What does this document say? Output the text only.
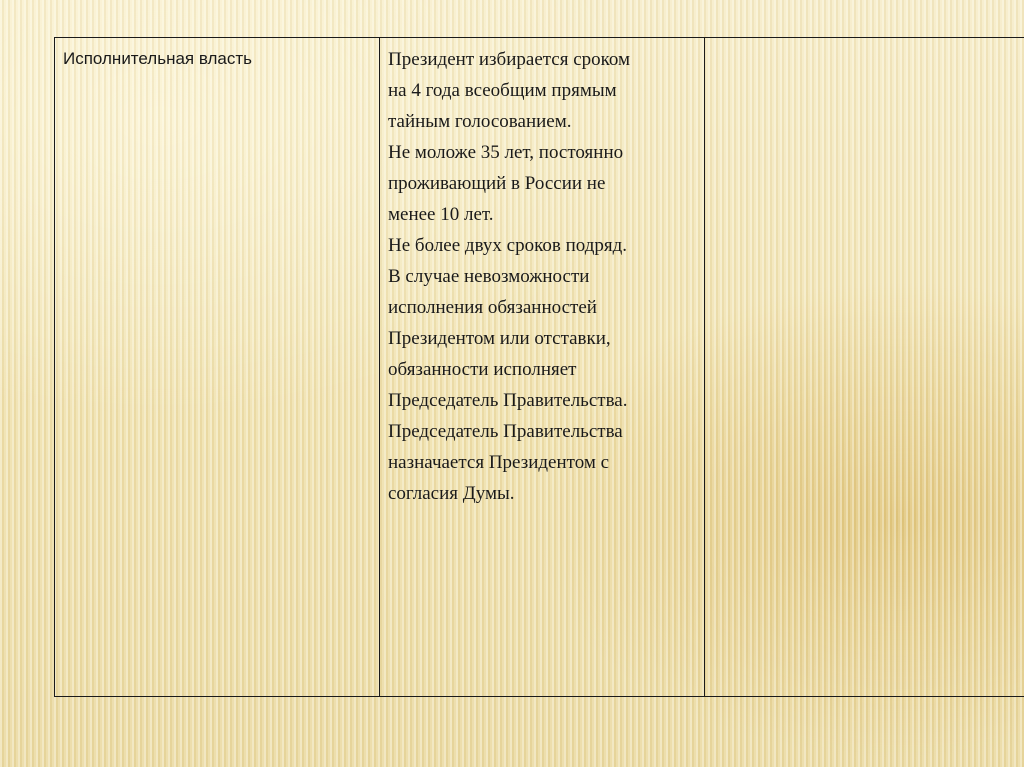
Исполнительная власть	Президент избирается сроком

на 4 года всеобщим прямым

тайным голосованием.

Не моложе 35 лет, постоянно

проживающий в России не

менее 10 лет.

Не более двух сроков подряд.

В случае невозможности

исполнения обязанностей

Президентом или отставки,

обязанности исполняет

Председатель Правительства.

Председатель Правительства

назначается Президентом с

согласия Думы.
